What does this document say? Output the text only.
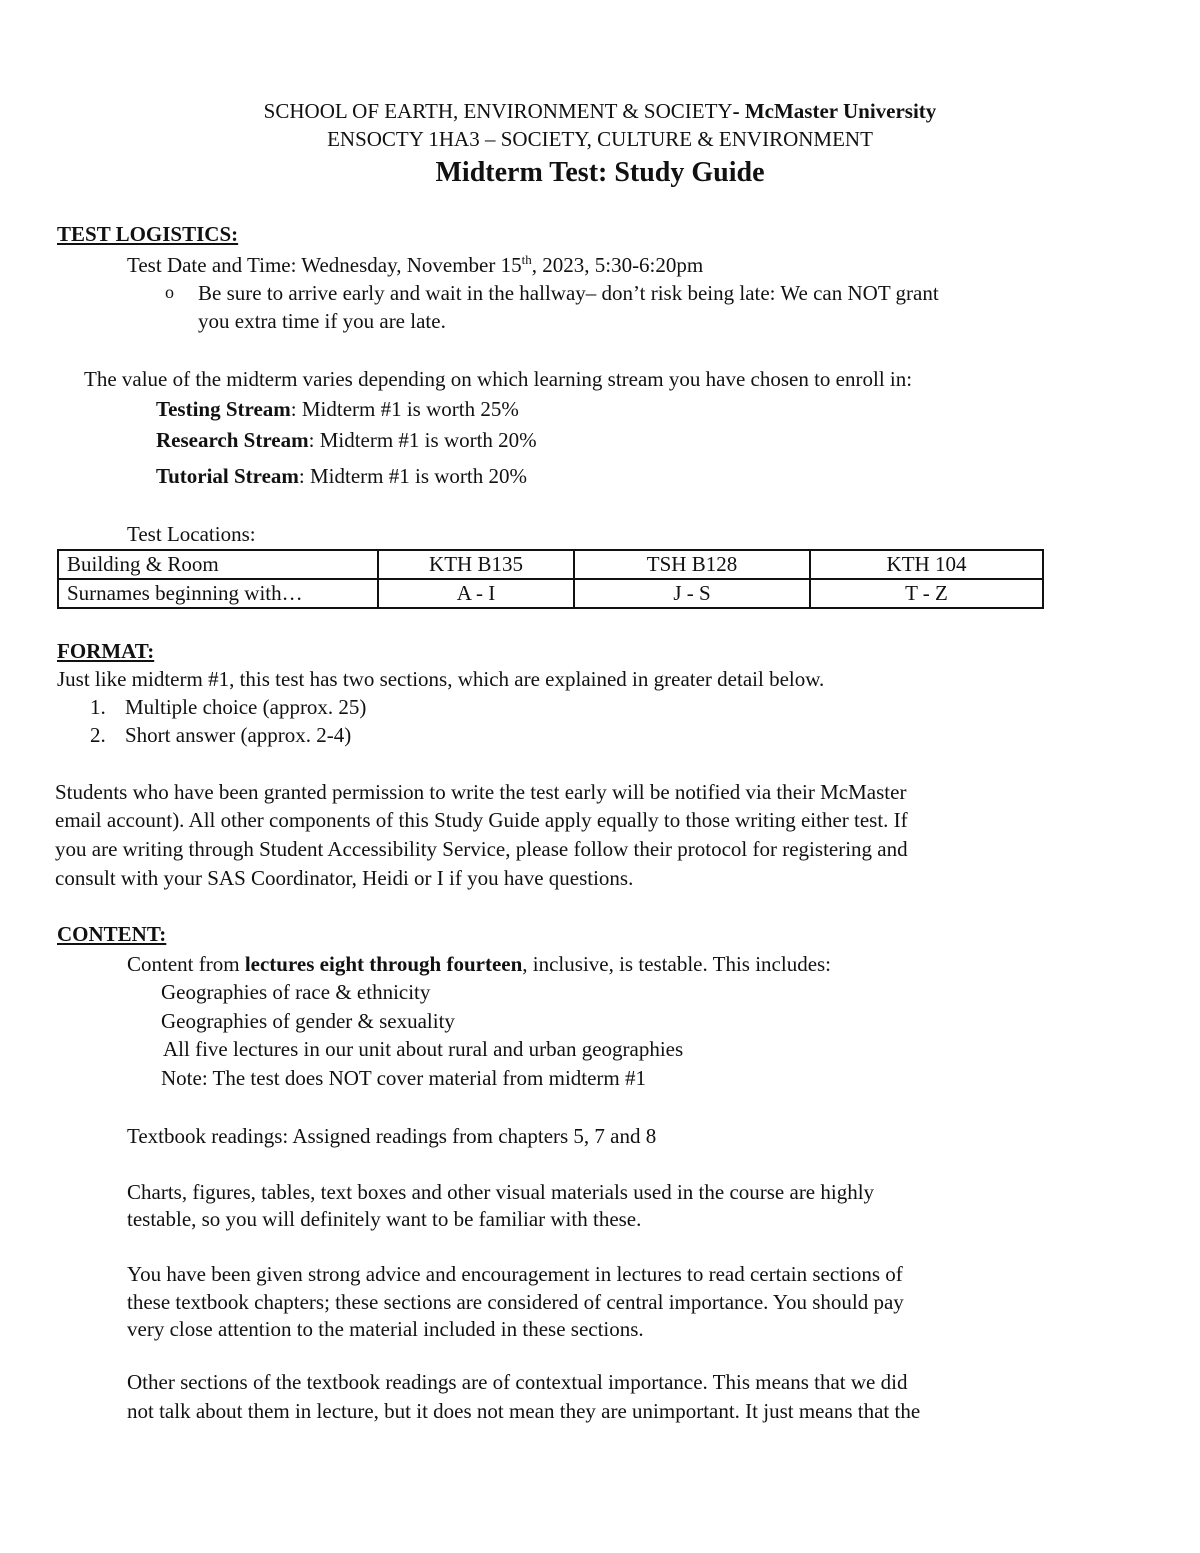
SCHOOL OF EARTH, ENVIRONMENT & SOCIETY- McMaster University
ENSOCTY 1HA3 – SOCIETY, CULTURE & ENVIRONMENT
Midterm Test: Study Guide
TEST LOGISTICS:
Test Date and Time: Wednesday, November 15th, 2023, 5:30-6:20pm
o Be sure to arrive early and wait in the hallway– don’t risk being late: We can NOT grant
you extra time if you are late.
The value of the midterm varies depending on which learning stream you have chosen to enroll in:
Testing Stream: Midterm #1 is worth 25%
Research Stream: Midterm #1 is worth 20%
Tutorial Stream: Midterm #1 is worth 20%
Test Locations:
Building & Room	KTH B135	TSH B128	KTH 104
Surnames beginning with…	A - I	J - S	T - Z
FORMAT:
Just like midterm #1, this test has two sections, which are explained in greater detail below.
1. Multiple choice (approx. 25)
2. Short answer (approx. 2-4)
Students who have been granted permission to write the test early will be notified via their McMaster
email account). All other components of this Study Guide apply equally to those writing either test. If
you are writing through Student Accessibility Service, please follow their protocol for registering and
consult with your SAS Coordinator, Heidi or I if you have questions.
CONTENT:
Content from lectures eight through fourteen, inclusive, is testable. This includes:
Geographies of race & ethnicity
Geographies of gender & sexuality
All five lectures in our unit about rural and urban geographies
Note: The test does NOT cover material from midterm #1
Textbook readings: Assigned readings from chapters 5, 7 and 8
Charts, figures, tables, text boxes and other visual materials used in the course are highly
testable, so you will definitely want to be familiar with these.
You have been given strong advice and encouragement in lectures to read certain sections of
these textbook chapters; these sections are considered of central importance. You should pay
very close attention to the material included in these sections.
Other sections of the textbook readings are of contextual importance. This means that we did
not talk about them in lecture, but it does not mean they are unimportant. It just means that the
